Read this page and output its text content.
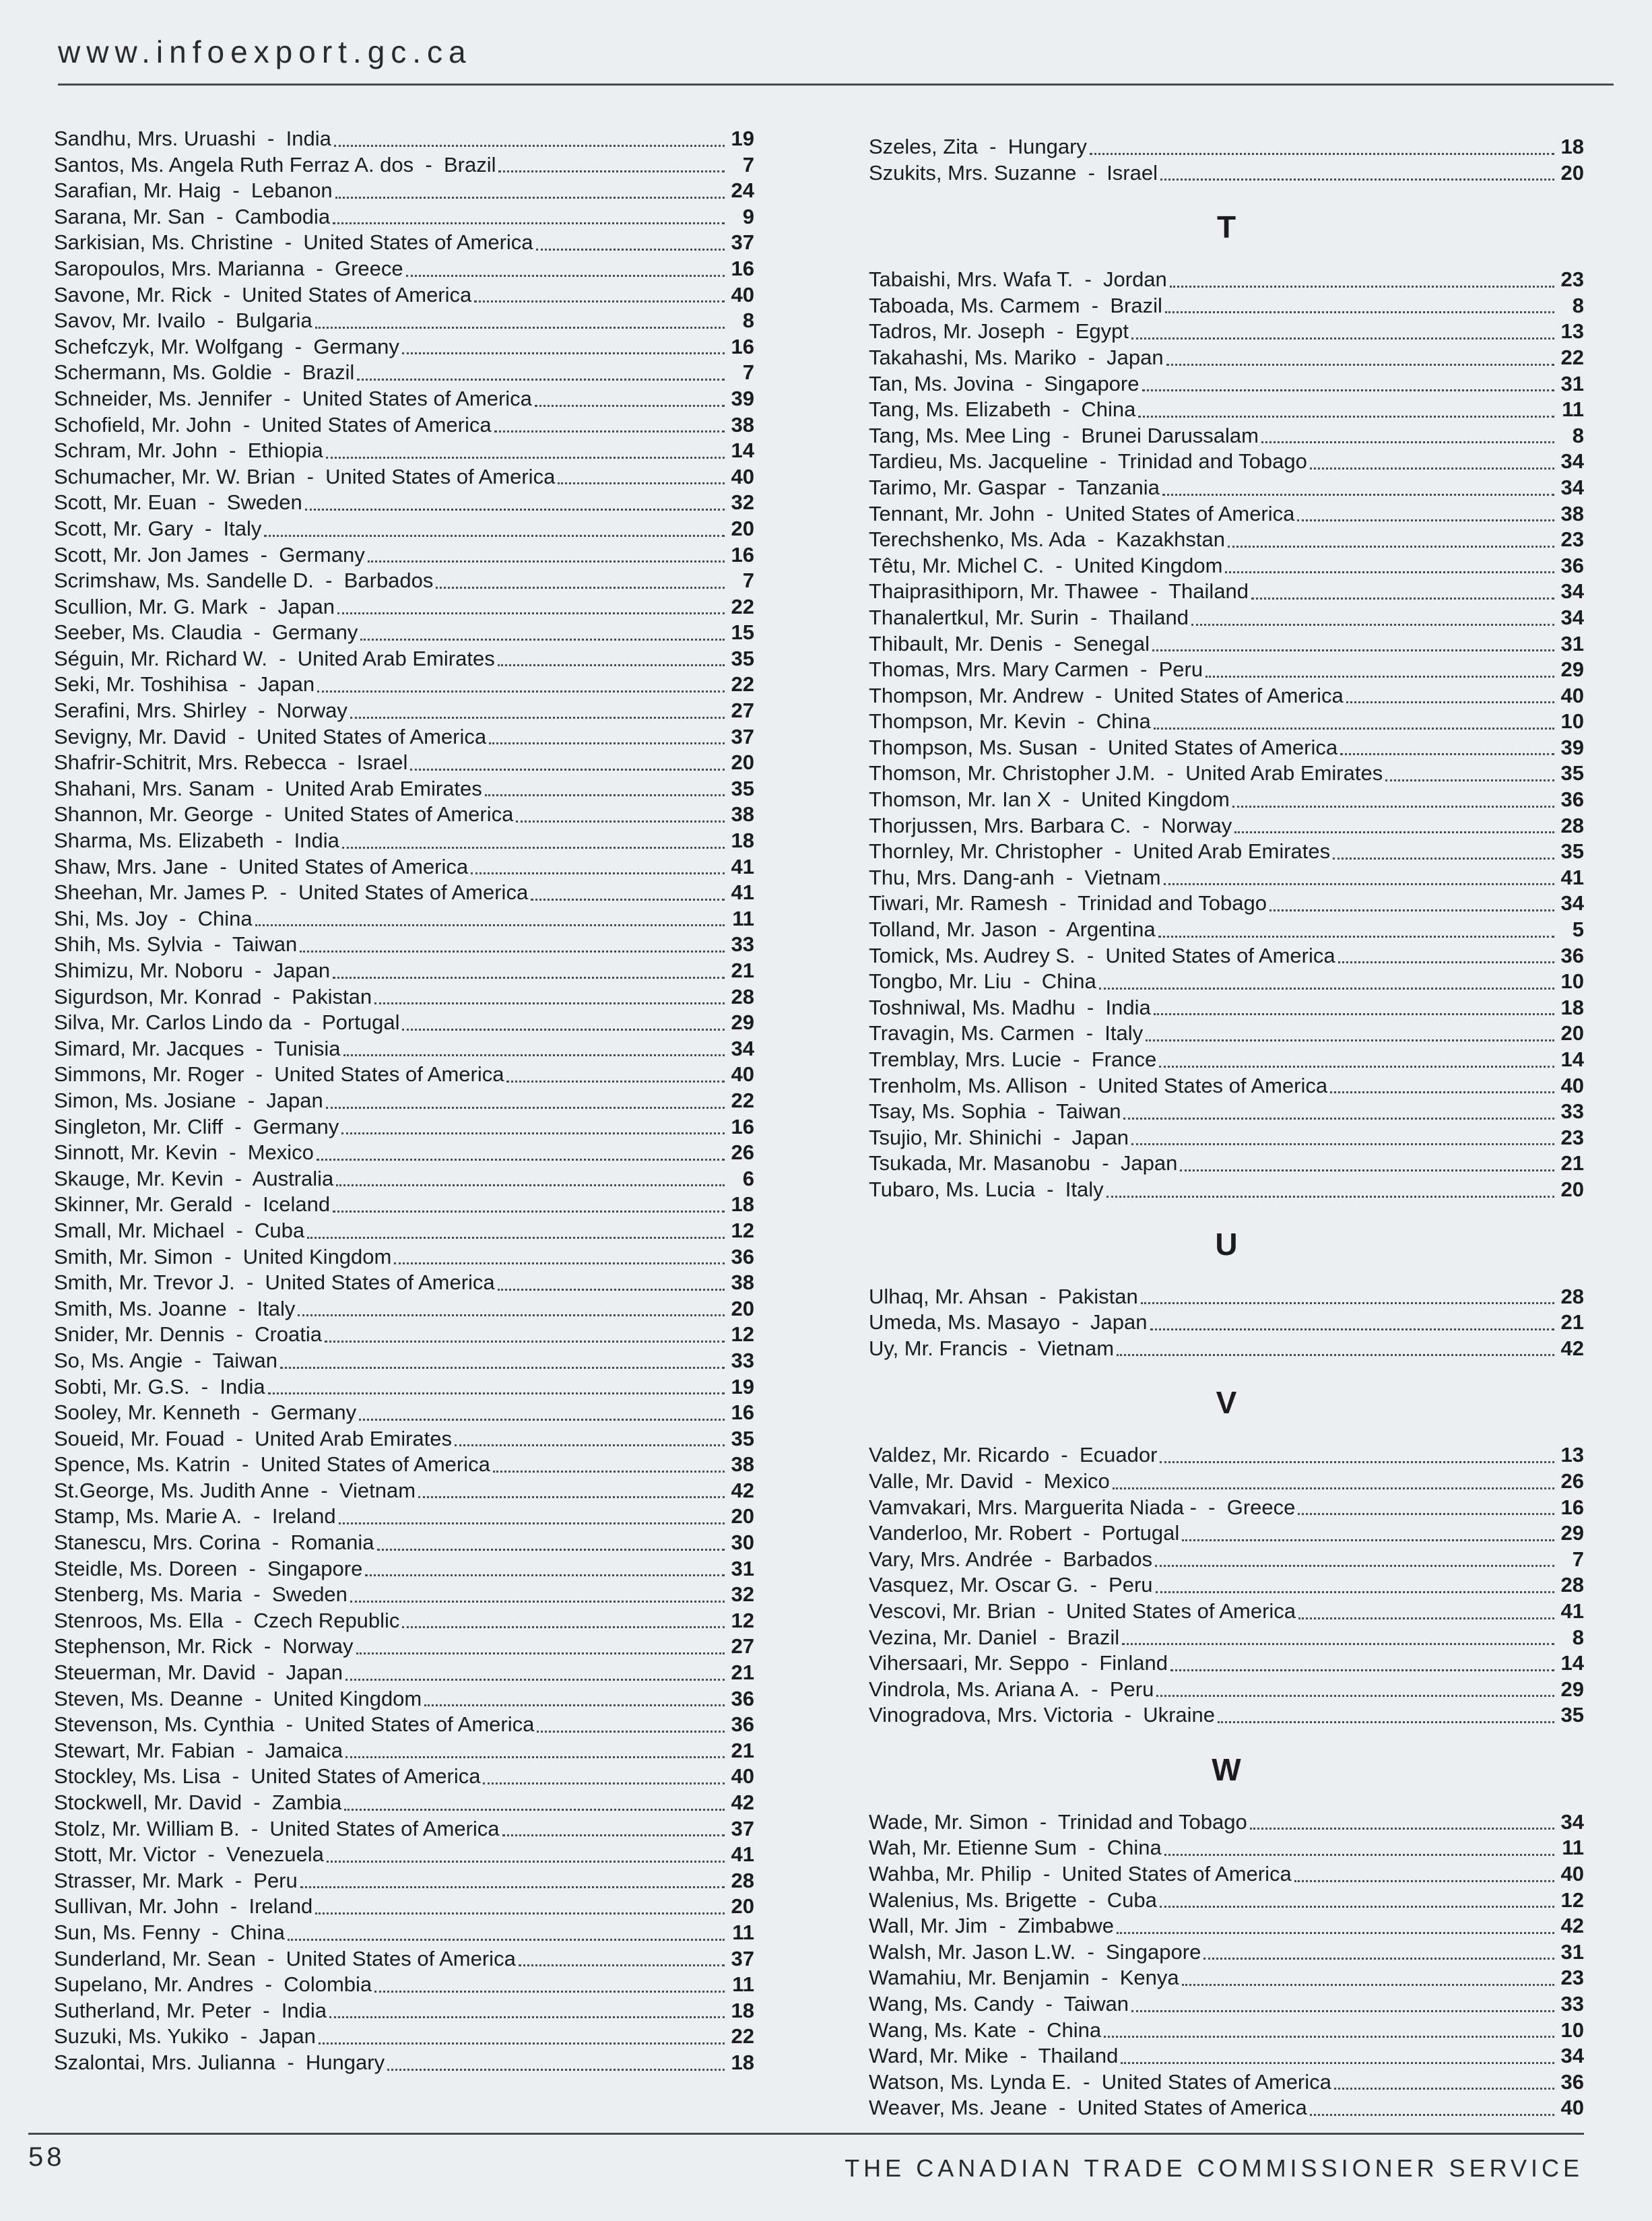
www.infoexport.gc.ca
Sandhu, Mrs. Uruashi  -  India	19
Santos, Ms. Angela Ruth Ferraz A. dos  -  Brazil	7
Sarafian, Mr. Haig  -  Lebanon	24
Sarana, Mr. San  -  Cambodia	9
Sarkisian, Ms. Christine  -  United States of America	37
Saropoulos, Mrs. Marianna  -  Greece	16
Savone, Mr. Rick  -  United States of America	40
Savov, Mr. Ivailo  -  Bulgaria	8
Schefczyk, Mr. Wolfgang  -  Germany	16
Schermann, Ms. Goldie  -  Brazil	7
Schneider, Ms. Jennifer  -  United States of America	39
Schofield, Mr. John  -  United States of America	38
Schram, Mr. John  -  Ethiopia	14
Schumacher, Mr. W. Brian  -  United States of America	40
Scott, Mr. Euan  -  Sweden	32
Scott, Mr. Gary  -  Italy	20
Scott, Mr. Jon James  -  Germany	16
Scrimshaw, Ms. Sandelle D.  -  Barbados	7
Scullion, Mr. G. Mark  -  Japan	22
Seeber, Ms. Claudia  -  Germany	15
Séguin, Mr. Richard W.  -  United Arab Emirates	35
Seki, Mr. Toshihisa  -  Japan	22
Serafini, Mrs. Shirley  -  Norway	27
Sevigny, Mr. David  -  United States of America	37
Shafrir-Schitrit, Mrs. Rebecca  -  Israel	20
Shahani, Mrs. Sanam  -  United Arab Emirates	35
Shannon, Mr. George  -  United States of America	38
Sharma, Ms. Elizabeth  -  India	18
Shaw, Mrs. Jane  -  United States of America	41
Sheehan, Mr. James P.  -  United States of America	41
Shi, Ms. Joy  -  China	11
Shih, Ms. Sylvia  -  Taiwan	33
Shimizu, Mr. Noboru  -  Japan	21
Sigurdson, Mr. Konrad  -  Pakistan	28
Silva, Mr. Carlos Lindo da  -  Portugal	29
Simard, Mr. Jacques  -  Tunisia	34
Simmons, Mr. Roger  -  United States of America	40
Simon, Ms. Josiane  -  Japan	22
Singleton, Mr. Cliff  -  Germany	16
Sinnott, Mr. Kevin  -  Mexico	26
Skauge, Mr. Kevin  -  Australia	6
Skinner, Mr. Gerald  -  Iceland	18
Small, Mr. Michael  -  Cuba	12
Smith, Mr. Simon  -  United Kingdom	36
Smith, Mr. Trevor J.  -  United States of America	38
Smith, Ms. Joanne  -  Italy	20
Snider, Mr. Dennis  -  Croatia	12
So, Ms. Angie  -  Taiwan	33
Sobti, Mr. G.S.  -  India	19
Sooley, Mr. Kenneth  -  Germany	16
Soueid, Mr. Fouad  -  United Arab Emirates	35
Spence, Ms. Katrin  -  United States of America	38
St.George, Ms. Judith Anne  -  Vietnam	42
Stamp, Ms. Marie A.  -  Ireland	20
Stanescu, Mrs. Corina  -  Romania	30
Steidle, Ms. Doreen  -  Singapore	31
Stenberg, Ms. Maria  -  Sweden	32
Stenroos, Ms. Ella  -  Czech Republic	12
Stephenson, Mr. Rick  -  Norway	27
Steuerman, Mr. David  -  Japan	21
Steven, Ms. Deanne  -  United Kingdom	36
Stevenson, Ms. Cynthia  -  United States of America	36
Stewart, Mr. Fabian  -  Jamaica	21
Stockley, Ms. Lisa  -  United States of America	40
Stockwell, Mr. David  -  Zambia	42
Stolz, Mr. William B.  -  United States of America	37
Stott, Mr. Victor  -  Venezuela	41
Strasser, Mr. Mark  -  Peru	28
Sullivan, Mr. John  -  Ireland	20
Sun, Ms. Fenny  -  China	11
Sunderland, Mr. Sean  -  United States of America	37
Supelano, Mr. Andres  -  Colombia	11
Sutherland, Mr. Peter  -  India	18
Suzuki, Ms. Yukiko  -  Japan	22
Szalontai, Mrs. Julianna  -  Hungary	18
Szeles, Zita  -  Hungary	18
Szukits, Mrs. Suzanne  -  Israel	20
T
Tabaishi, Mrs. Wafa T.  -  Jordan	23
Taboada, Ms. Carmem  -  Brazil	8
Tadros, Mr. Joseph  -  Egypt	13
Takahashi, Ms. Mariko  -  Japan	22
Tan, Ms. Jovina  -  Singapore	31
Tang, Ms. Elizabeth  -  China	11
Tang, Ms. Mee Ling  -  Brunei Darussalam	8
Tardieu, Ms. Jacqueline  -  Trinidad and Tobago	34
Tarimo, Mr. Gaspar  -  Tanzania	34
Tennant, Mr. John  -  United States of America	38
Terechshenko, Ms. Ada  -  Kazakhstan	23
Têtu, Mr. Michel C.  -  United Kingdom	36
Thaiprasithiporn, Mr. Thawee  -  Thailand	34
Thanalertkul, Mr. Surin  -  Thailand	34
Thibault, Mr. Denis  -  Senegal	31
Thomas, Mrs. Mary Carmen  -  Peru	29
Thompson, Mr. Andrew  -  United States of America	40
Thompson, Mr. Kevin  -  China	10
Thompson, Ms. Susan  -  United States of America	39
Thomson, Mr. Christopher J.M.  -  United Arab Emirates	35
Thomson, Mr. Ian X  -  United Kingdom	36
Thorjussen, Mrs. Barbara C.  -  Norway	28
Thornley, Mr. Christopher  -  United Arab Emirates	35
Thu, Mrs. Dang-anh  -  Vietnam	41
Tiwari, Mr. Ramesh  -  Trinidad and Tobago	34
Tolland, Mr. Jason  -  Argentina	5
Tomick, Ms. Audrey S.  -  United States of America	36
Tongbo, Mr. Liu  -  China	10
Toshniwal, Ms. Madhu  -  India	18
Travagin, Ms. Carmen  -  Italy	20
Tremblay, Mrs. Lucie  -  France	14
Trenholm, Ms. Allison  -  United States of America	40
Tsay, Ms. Sophia  -  Taiwan	33
Tsujio, Mr. Shinichi  -  Japan	23
Tsukada, Mr. Masanobu  -  Japan	21
Tubaro, Ms. Lucia  -  Italy	20
U
Ulhaq, Mr. Ahsan  -  Pakistan	28
Umeda, Ms. Masayo  -  Japan	21
Uy, Mr. Francis  -  Vietnam	42
V
Valdez, Mr. Ricardo  -  Ecuador	13
Valle, Mr. David  -  Mexico	26
Vamvakari, Mrs. Marguerita Niada -  -  Greece	16
Vanderloo, Mr. Robert  -  Portugal	29
Vary, Mrs. Andrée  -  Barbados	7
Vasquez, Mr. Oscar G.  -  Peru	28
Vescovi, Mr. Brian  -  United States of America	41
Vezina, Mr. Daniel  -  Brazil	8
Vihersaari, Mr. Seppo  -  Finland	14
Vindrola, Ms. Ariana A.  -  Peru	29
Vinogradova, Mrs. Victoria  -  Ukraine	35
W
Wade, Mr. Simon  -  Trinidad and Tobago	34
Wah, Mr. Etienne Sum  -  China	11
Wahba, Mr. Philip  -  United States of America	40
Walenius, Ms. Brigette  -  Cuba	12
Wall, Mr. Jim  -  Zimbabwe	42
Walsh, Mr. Jason L.W.  -  Singapore	31
Wamahiu, Mr. Benjamin  -  Kenya	23
Wang, Ms. Candy  -  Taiwan	33
Wang, Ms. Kate  -  China	10
Ward, Mr. Mike  -  Thailand	34
Watson, Ms. Lynda E.  -  United States of America	36
Weaver, Ms. Jeane  -  United States of America	40
58	THE CANADIAN TRADE COMMISSIONER SERVICE
